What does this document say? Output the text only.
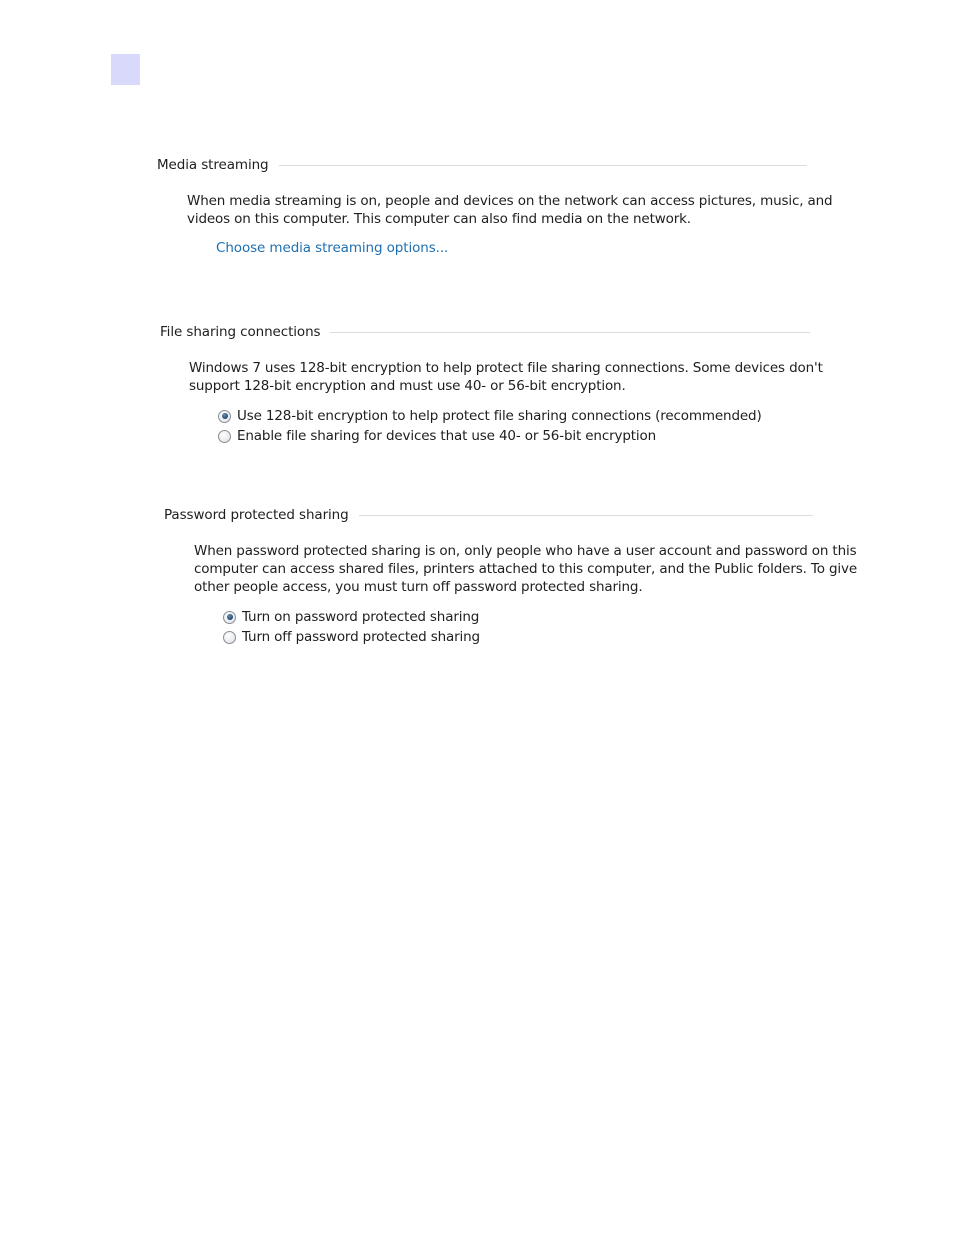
Media streaming
When media streaming is on, people and devices on the network can access pictures, music, and
videos on this computer. This computer can also find media on the network.
Choose media streaming options...
File sharing connections
Windows 7 uses 128-bit encryption to help protect file sharing connections. Some devices don't
support 128-bit encryption and must use 40- or 56-bit encryption.
Use 128-bit encryption to help protect file sharing connections (recommended)
Enable file sharing for devices that use 40- or 56-bit encryption
Password protected sharing
When password protected sharing is on, only people who have a user account and password on this
computer can access shared files, printers attached to this computer, and the Public folders. To give
other people access, you must turn off password protected sharing.
Turn on password protected sharing
Turn off password protected sharing
